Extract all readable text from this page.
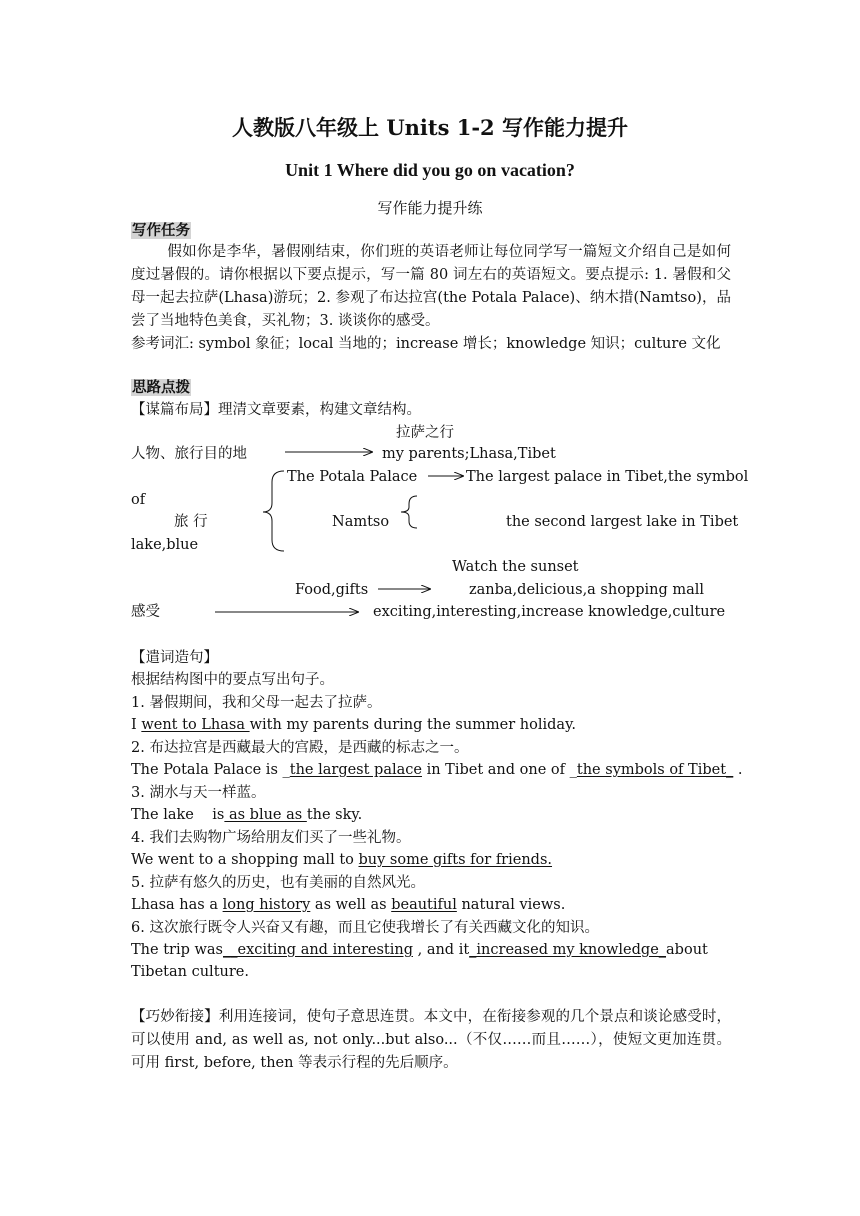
人教版八年级上 Units 1-2 写作能力提升
Unit 1 Where did you go on vacation?
写作能力提升练
写作任务
假如你是李华，暑假刚结束，你们班的英语老师让每位同学写一篇短文介绍自己是如何度过暑假的。请你根据以下要点提示，写一篇 80 词左右的英语短文。要点提示: 1. 暑假和父母一起去拉萨(Lhasa)游玩；2. 参观了布达拉宫(the Potala Palace)、纳木措(Namtso)，品尝了当地特色美食，买礼物；3. 谈谈你的感受。
参考词汇: symbol 象征；local 当地的；increase 增长；knowledge 知识；culture 文化
思路点拨
【谋篇布局】理清文章要素，构建文章结构。
拉萨之行
人物、旅行目的地	my parents;Lhasa,Tibet
The Potala Palace	The largest palace in Tibet,the symbol
of
旅 行	Namtso	the second largest lake in Tibet
lake,blue
Watch the sunset
Food,gifts	zanba,delicious,a shopping mall
感受	exciting,interesting,increase knowledge,culture
【遣词造句】
根据结构图中的要点写出句子。
1. 暑假期间，我和父母一起去了拉萨。
I went to Lhasa with my parents during the summer holiday.
2. 布达拉宫是西藏最大的宫殿，是西藏的标志之一。
The Potala Palace is _the largest palace in Tibet and one of _the symbols of Tibet_ .
3. 湖水与天一样蓝。
The lake    is as blue as the sky.
4. 我们去购物广场给朋友们买了一些礼物。
We went to a shopping mall to buy some gifts for friends.
5. 拉萨有悠久的历史，也有美丽的自然风光。
Lhasa has a long history as well as beautiful natural views.
6. 这次旅行既令人兴奋又有趣，而且它使我增长了有关西藏文化的知识。
The trip was__exciting and interesting , and it_increased my knowledge_about
Tibetan culture.
【巧妙衔接】利用连接词，使句子意思连贯。本文中，在衔接参观的几个景点和谈论感受时，可以使用 and, as well as, not only...but also...（不仅……而且……），使短文更加连贯。可用 first, before, then 等表示行程的先后顺序。
